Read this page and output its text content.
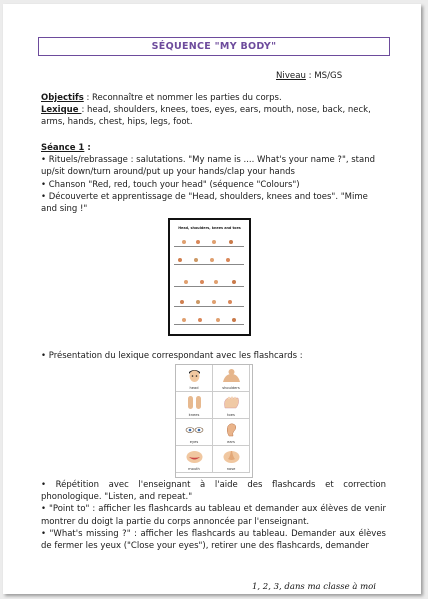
SÉQUENCE "MY BODY"
Niveau : MS/GS
Objectifs : Reconnaître et nommer les parties du corps.
Lexique : head, shoulders, knees, toes, eyes, ears, mouth, nose, back, neck, arms, hands, chest, hips, legs, foot.
Séance 1 :
• Rituels/rebrassage : salutations. "My name is .... What's your name ?", stand up/sit down/turn around/put up your hands/clap your hands
• Chanson "Red, red, touch your head" (séquence "Colours")
• Découverte et apprentissage de "Head, shoulders, knees and toes". "Mime and sing !"
Head, shoulders, knees and toes
• Présentation du lexique correspondant avec les flashcards :
head	shoulders
knees	toes
eyes	ears
mouth	nose
• Répétition avec l'enseignant à l'aide des flashcards et correction phonologique. "Listen, and repeat."
• "Point to" : afficher les flashcards au tableau et demander aux élèves de venir montrer du doigt la partie du corps annoncée par l'enseignant.
• "What's missing ?" : afficher les flashcards au tableau. Demander aux élèves de fermer les yeux ("Close your eyes"), retirer une des flashcards, demander
1, 2, 3, dans ma classe à moi
